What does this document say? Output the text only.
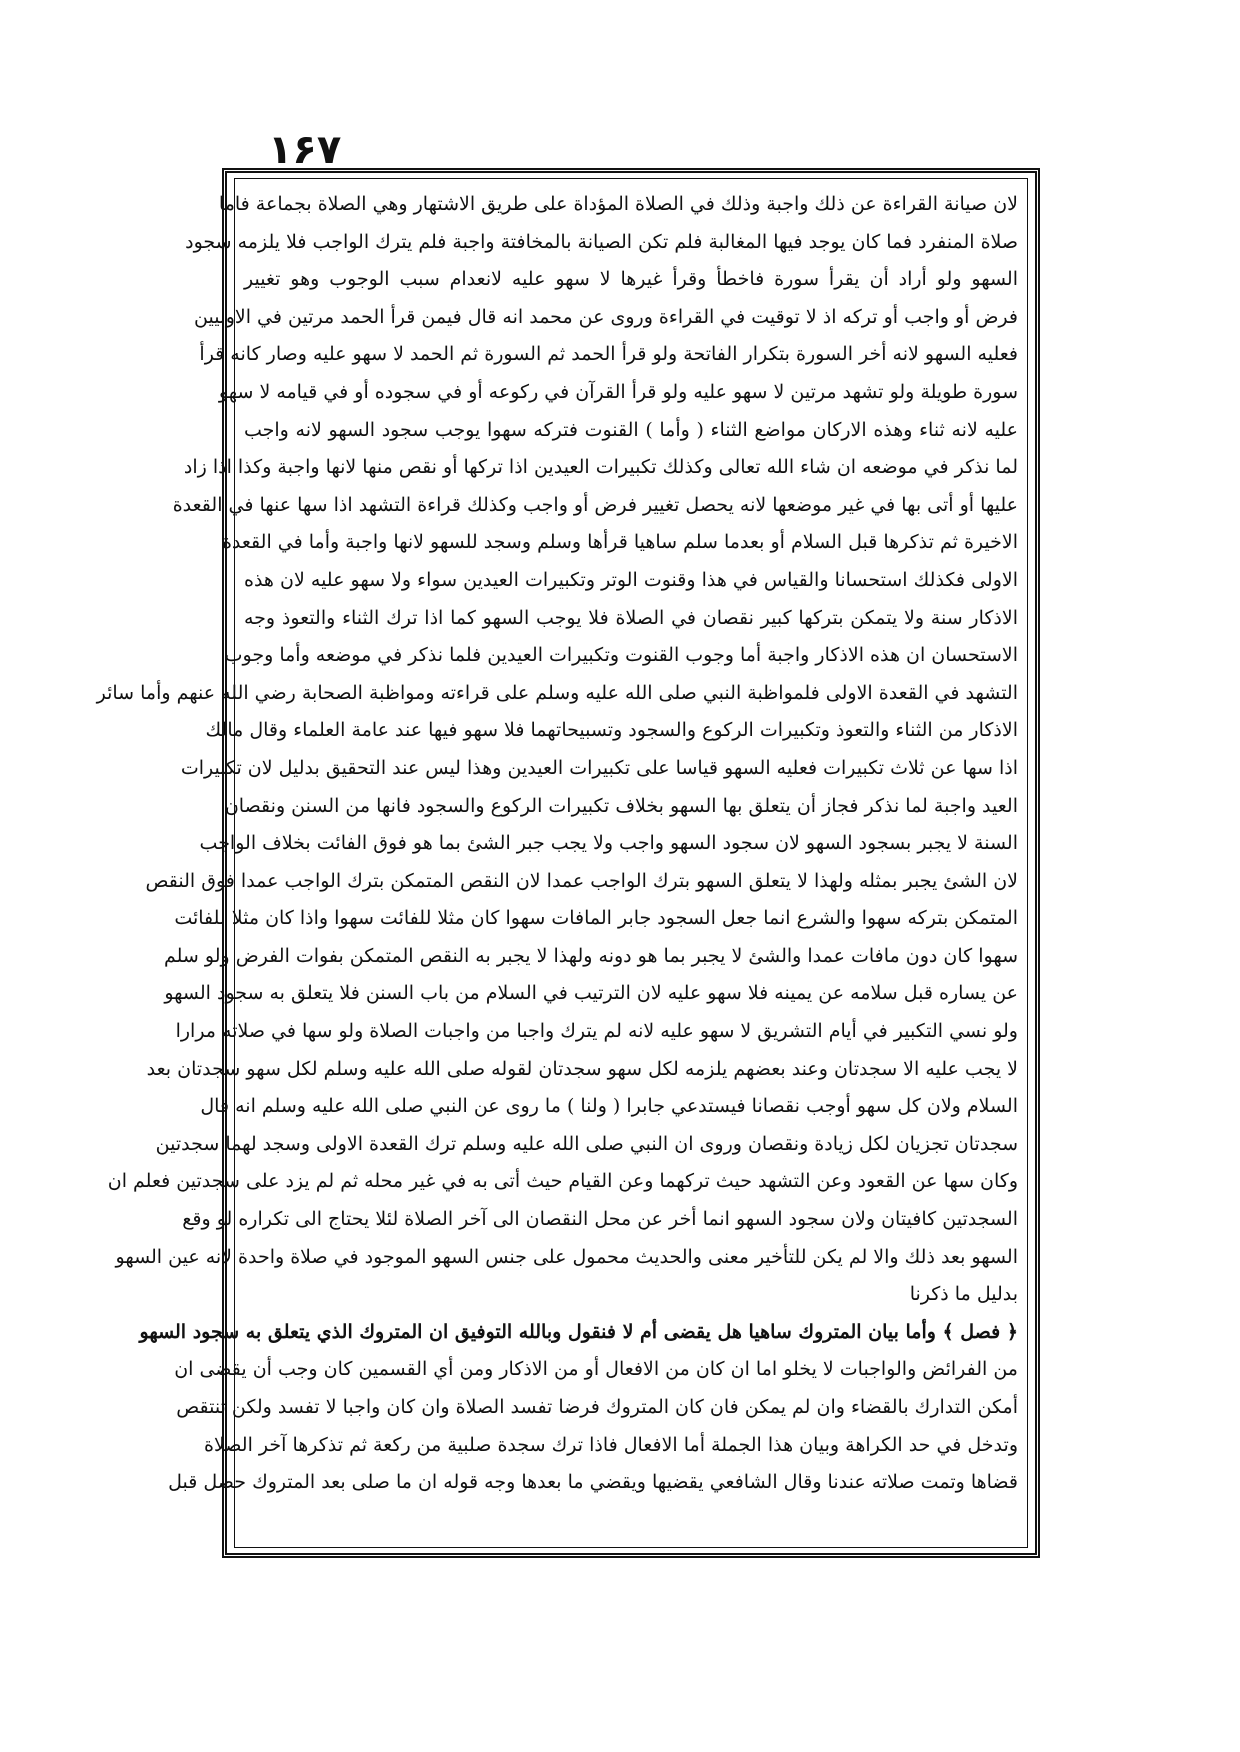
۱۶۷
لان صيانة القراءة عن ذلك واجبة وذلك في الصلاة المؤداة على طريق الاشتهار وهي الصلاة بجماعة فاما
صلاة المنفرد فما كان يوجد فيها المغالبة فلم تكن الصيانة بالمخافتة واجبة فلم يترك الواجب فلا يلزمه سجود
السهو ولو أراد أن يقرأ سورة فاخطأ وقرأ غيرها لا سهو عليه لانعدام سبب الوجوب وهو تغيير
فرض أو واجب أو تركه اذ لا توقيت في القراءة وروى عن محمد انه قال فيمن قرأ الحمد مرتين في الاوليين
فعليه السهو لانه أخر السورة بتكرار الفاتحة ولو قرأ الحمد ثم السورة ثم الحمد لا سهو عليه وصار كانه قرأ
سورة طويلة ولو تشهد مرتين لا سهو عليه ولو قرأ القرآن في ركوعه أو في سجوده أو في قيامه لا سهو
عليه لانه ثناء وهذه الاركان مواضع الثناء ( وأما ) القنوت فتركه سهوا يوجب سجود السهو لانه واجب
لما نذكر في موضعه ان شاء الله تعالى وكذلك تكبيرات العيدين اذا تركها أو نقص منها لانها واجبة وكذا اذا زاد
عليها أو أتى بها في غير موضعها لانه يحصل تغيير فرض أو واجب وكذلك قراءة التشهد اذا سها عنها في القعدة
الاخيرة ثم تذكرها قبل السلام أو بعدما سلم ساهيا قرأها وسلم وسجد للسهو لانها واجبة وأما في القعدة
الاولى فكذلك استحسانا والقياس في هذا وقنوت الوتر وتكبيرات العيدين سواء ولا سهو عليه لان هذه
الاذكار سنة ولا يتمكن بتركها كبير نقصان في الصلاة فلا يوجب السهو كما اذا ترك الثناء والتعوذ وجه
الاستحسان ان هذه الاذكار واجبة أما وجوب القنوت وتكبيرات العيدين فلما نذكر في موضعه وأما وجوب
التشهد في القعدة الاولى فلمواظبة النبي صلى الله عليه وسلم على قراءته ومواظبة الصحابة رضي الله عنهم وأما سائر
الاذكار من الثناء والتعوذ وتكبيرات الركوع والسجود وتسبيحاتهما فلا سهو فيها عند عامة العلماء وقال مالك
اذا سها عن ثلاث تكبيرات فعليه السهو قياسا على تكبيرات العيدين وهذا ليس عند التحقيق بدليل لان تكبيرات
العيد واجبة لما نذكر فجاز أن يتعلق بها السهو بخلاف تكبيرات الركوع والسجود فانها من السنن ونقصان
السنة لا يجبر بسجود السهو لان سجود السهو واجب ولا يجب جبر الشئ بما هو فوق الفائت بخلاف الواجب
لان الشئ يجبر بمثله ولهذا لا يتعلق السهو بترك الواجب عمدا لان النقص المتمكن بترك الواجب عمدا فوق النقص
المتمكن بتركه سهوا والشرع انما جعل السجود جابر المافات سهوا كان مثلا للفائت سهوا واذا كان مثلا للفائت
سهوا كان دون مافات عمدا والشئ لا يجبر بما هو دونه ولهذا لا يجبر به النقص المتمكن بفوات الفرض ولو سلم
عن يساره قبل سلامه عن يمينه فلا سهو عليه لان الترتيب في السلام من باب السنن فلا يتعلق به سجود السهو
ولو نسي التكبير في أيام التشريق لا سهو عليه لانه لم يترك واجبا من واجبات الصلاة ولو سها في صلاته مرارا
لا يجب عليه الا سجدتان وعند بعضهم يلزمه لكل سهو سجدتان لقوله صلى الله عليه وسلم لكل سهو سجدتان بعد
السلام ولان كل سهو أوجب نقصانا فيستدعي جابرا ( ولنا ) ما روى عن النبي صلى الله عليه وسلم انه قال
سجدتان تجزيان لكل زيادة ونقصان وروى ان النبي صلى الله عليه وسلم ترك القعدة الاولى وسجد لهما سجدتين
وكان سها عن القعود وعن التشهد حيث تركهما وعن القيام حيث أتى به في غير محله ثم لم يزد على سجدتين فعلم ان
السجدتين كافيتان ولان سجود السهو انما أخر عن محل النقصان الى آخر الصلاة لئلا يحتاج الى تكراره لو وقع
السهو بعد ذلك والا لم يكن للتأخير معنى والحديث محمول على جنس السهو الموجود في صلاة واحدة لانه عين السهو
بدليل ما ذكرنا
﴿ فصل ﴾ وأما بيان المتروك ساهيا هل يقضى أم لا فنقول وبالله التوفيق ان المتروك الذي يتعلق به سجود السهو
من الفرائض والواجبات لا يخلو اما ان كان من الافعال أو من الاذكار ومن أي القسمين كان وجب أن يقضى ان
أمكن التدارك بالقضاء وان لم يمكن فان كان المتروك فرضا تفسد الصلاة وان كان واجبا لا تفسد ولكن تنتقص
وتدخل في حد الكراهة وبيان هذا الجملة أما الافعال فاذا ترك سجدة صلبية من ركعة ثم تذكرها آخر الصلاة
قضاها وتمت صلاته عندنا وقال الشافعي يقضيها ويقضي ما بعدها وجه قوله ان ما صلى بعد المتروك حصل قبل
